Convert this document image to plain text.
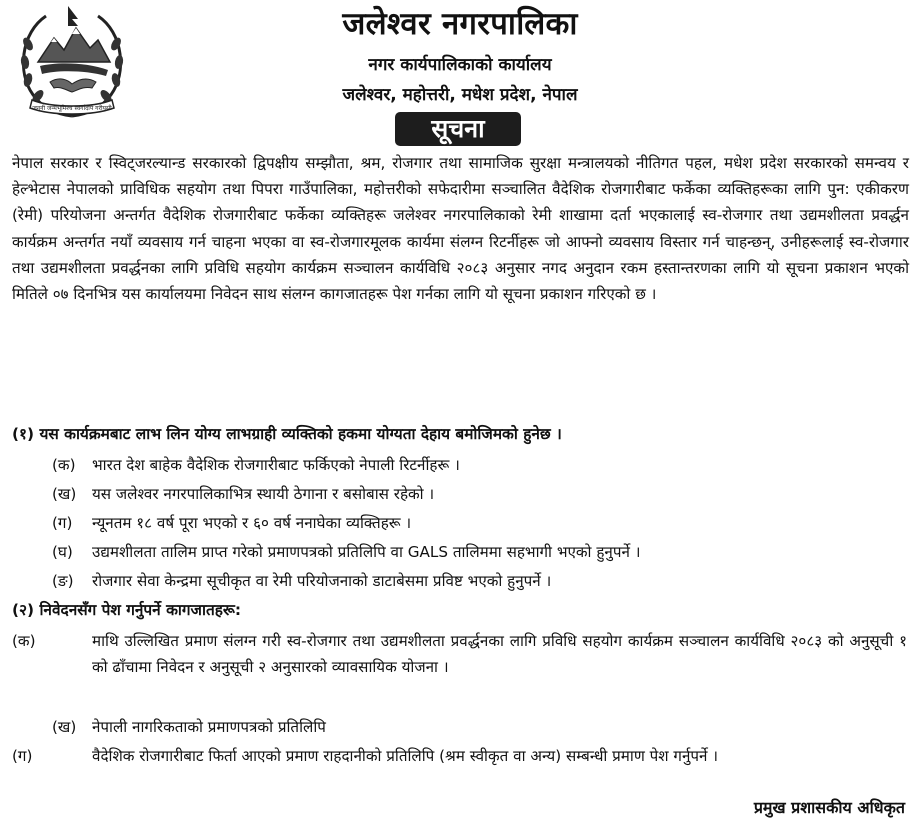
जननी जन्मभूमिश्च स्वर्गादपि गरीयसी
जलेश्वर नगरपालिका
नगर कार्यपालिकाको कार्यालय
जलेश्वर, महोत्तरी, मधेश प्रदेश, नेपाल
सूचना

नेपाल सरकार र स्विट्जरल्यान्ड सरकारको द्विपक्षीय सम्झौता, श्रम, रोजगार तथा सामाजिक सुरक्षा मन्त्रालयको नीतिगत पहल, मधेश प्रदेश सरकारको समन्वय र हेल्भेटास नेपालको प्राविधिक सहयोग तथा पिपरा गाउँपालिका, महोत्तरीको सफेदारीमा सञ्चालित वैदेशिक रोजगारीबाट फर्केका व्यक्तिहरूका लागि पुन: एकीकरण (रेमी) परियोजना अन्तर्गत वैदेशिक रोजगारीबाट फर्केका व्यक्तिहरू जलेश्वर नगरपालिकाको रेमी शाखामा दर्ता भएकालाई स्व-रोजगार तथा उद्यमशीलता प्रवर्द्धन कार्यक्रम अन्तर्गत नयाँ व्यवसाय गर्न चाहना भएका वा स्व-रोजगारमूलक कार्यमा संलग्न रिटर्नीहरू जो आफ्नो व्यवसाय विस्तार गर्न चाहन्छन्, उनीहरूलाई स्व-रोजगार तथा उद्यमशीलता प्रवर्द्धनका लागि प्रविधि सहयोग कार्यक्रम सञ्चालन कार्यविधि २०८३ अनुसार नगद अनुदान रकम हस्तान्तरणका लागि यो सूचना प्रकाशन भएको मितिले ०७ दिनभित्र यस कार्यालयमा निवेदन साथ संलग्न कागजातहरू पेश गर्नका लागि यो सूचना प्रकाशन गरिएको छ ।

(१) यस कार्यक्रमबाट लाभ लिन योग्य लाभग्राही व्यक्तिको हकमा योग्यता देहाय बमोजिमको हुनेछ ।
(क) भारत देश बाहेक वैदेशिक रोजगारीबाट फर्किएको नेपाली रिटर्नीहरू ।
(ख) यस जलेश्वर नगरपालिकाभित्र स्थायी ठेगाना र बसोबास रहेको ।
(ग) न्यूनतम १८ वर्ष पूरा भएको र ६० वर्ष ननाघेका व्यक्तिहरू ।
(घ) उद्यमशीलता तालिम प्राप्त गरेको प्रमाणपत्रको प्रतिलिपि वा GALS तालिममा सहभागी भएको हुनुपर्ने ।
(ङ) रोजगार सेवा केन्द्रमा सूचीकृत वा रेमी परियोजनाको डाटाबेसमा प्रविष्ट भएको हुनुपर्ने ।
(२) निवेदनसँग पेश गर्नुपर्ने कागजातहरू:
(क)	माथि उल्लिखित प्रमाण संलग्न गरी स्व-रोजगार तथा उद्यमशीलता प्रवर्द्धनका लागि प्रविधि सहयोग कार्यक्रम सञ्चालन कार्यविधि २०८३ को अनुसूची १ को ढाँचामा निवेदन र अनुसूची २ अनुसारको व्यावसायिक योजना ।
(ख) नेपाली नागरिकताको प्रमाणपत्रको प्रतिलिपि
(ग)	वैदेशिक रोजगारीबाट फिर्ता आएको प्रमाण राहदानीको प्रतिलिपि (श्रम स्वीकृत वा अन्य) सम्बन्धी प्रमाण पेश गर्नुपर्ने ।
प्रमुख प्रशासकीय अधिकृत
